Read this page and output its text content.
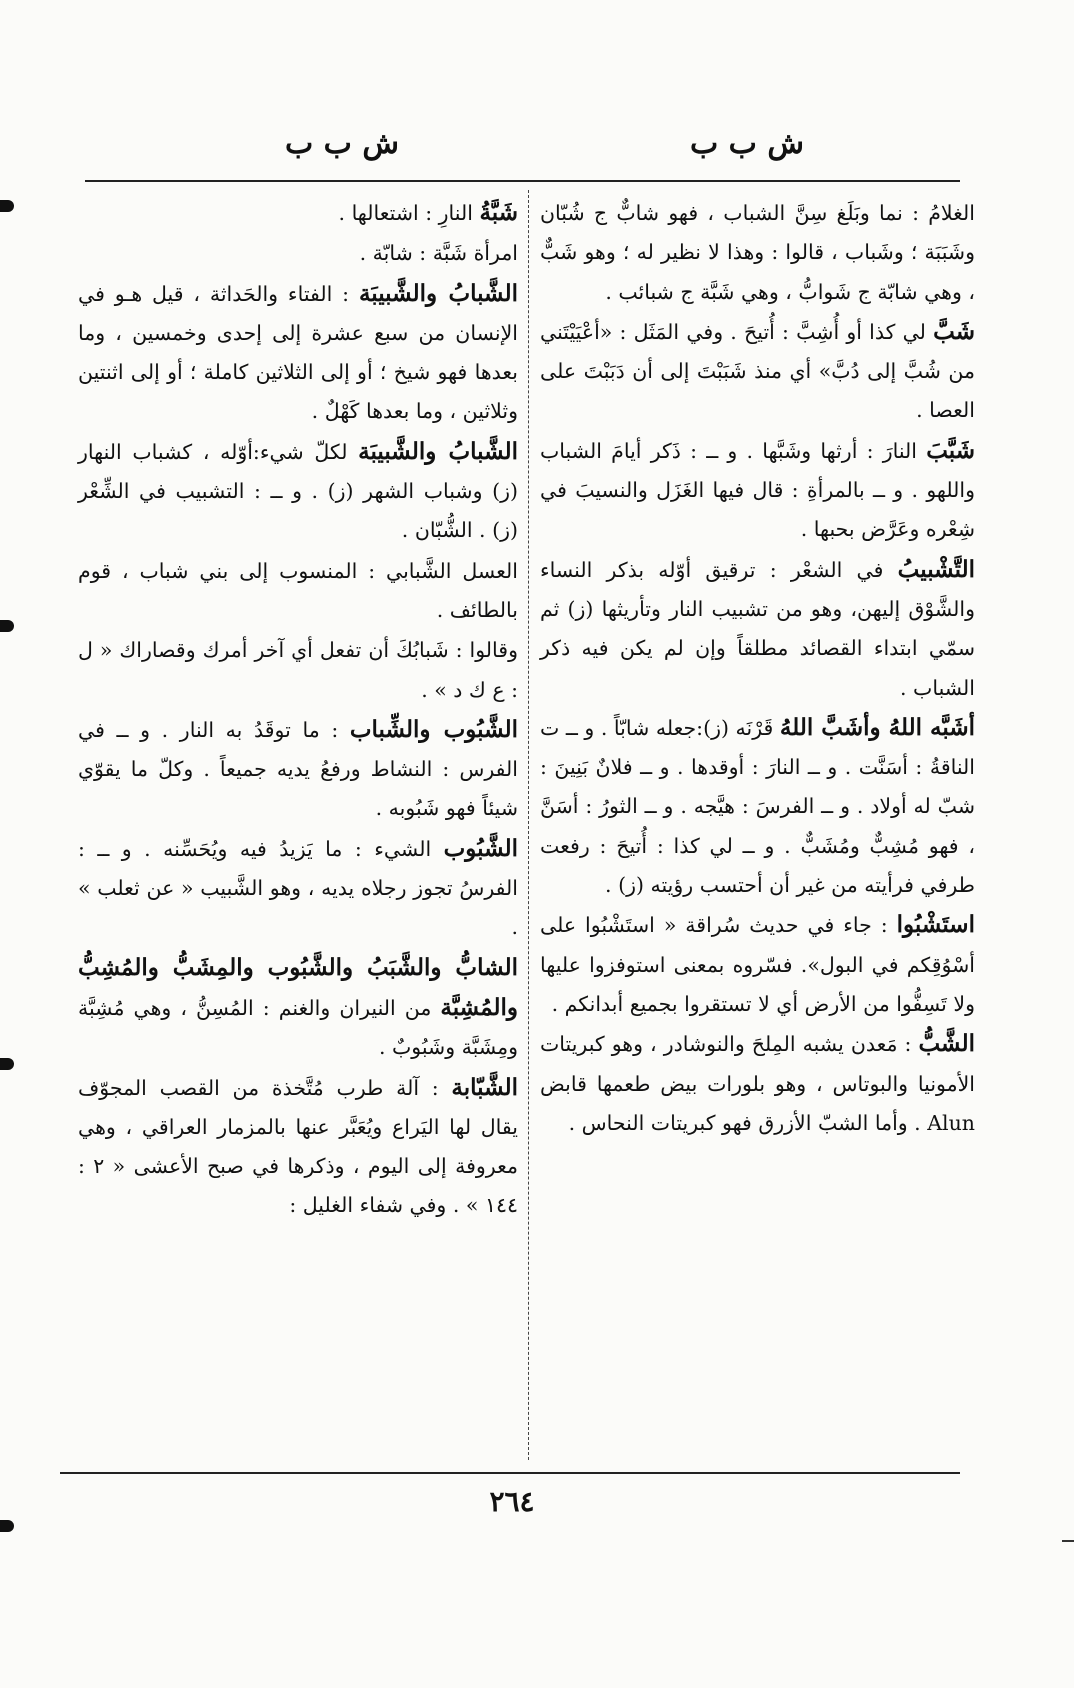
ش ب ب
ش ب ب

الغلامُ : نما وبَلَغ سِنَّ الشباب ، فهو شابٌّ ج شُبّان وشَبَبَة ؛ وشَباب ، قالوا : وهذا لا نظير له ؛ وهو شَبٌّ ، وهي شابّة ج شَوابُّ ، وهي شَبَّة ج شبائب .

شَبَّ لي كذا أو أُشِبَّ : أُتيحَ . وفي المَثَل : «أعْيَيْتَني من شُبَّ إلى دُبَّ» أي منذ شَبَبْتَ إلى أن دَبَبْتَ على العصا .

شَبَّبَ النارَ : أرثها وشَبَّها . و ــ : ذَكر أيامَ الشباب واللهو . و ــ بالمرأةِ : قال فيها الغَزَل والنسيبَ في شِعْره وعَرَّض بحبها .

التَّشْبيبُ في الشعْر : ترقيق أوّله بذكر النساء والشَّوْق إليهن، وهو من تشبيب النار وتأريثها (ز) ثم سمّي ابتداء القصائد مطلقاً وإن لم يكن فيه ذكر الشباب .

أشَبَّه اللهُ وأشَبَّ اللهُ قَرْنَه (ز):جعله شابّاً . و ــ ت الناقةُ : أسَنَّت . و ــ النارَ : أوقدها . و ــ فلانٌ بَنِينَ : شبّ له أولاد . و ــ الفرسَ : هيَّجه . و ــ الثورُ : أسَنَّ ، فهو مُشِبٌّ ومُشَبٌّ . و ــ لي كذا : أُتيحَ : رفعت طرفي فرأيته من غير أن أحتسب رؤيته (ز) .

استَشْبُوا : جاء في حديث سُراقة « استَشْبُوا على أسْوُقِكم في البول». فسّروه بمعنى استوفزوا عليها ولا تَسِفُّوا من الأرض أي لا تستقروا بجميع أبدانكم .

الشَّبُّ : مَعدن يشبه المِلحَ والنوشادر ، وهو كبريتات الأمونيا والبوتاس ، وهو بلورات بيض طعمها قابض Alun . وأما الشبّ الأزرق فهو كبريتات النحاس .

شَبَّةُ النارِ : اشتعالها .

امرأة شَبَّة : شابّة .

الشَّبابُ والشَّبيبَة : الفتاء والحَداثة ، قيل هـو في الإنسان من سبع عشرة إلى إحدى وخمسين ، وما بعدها فهو شيخ ؛ أو إلى الثلاثين كاملة ؛ أو إلى اثنتين وثلاثين ، وما بعدها كَهْلٌ .

الشَّبابُ والشَّبيبَة لكلّ شيء:أوّله ، كشباب النهار (ز) وشباب الشهر (ز) . و ــ : التشبيب في الشِّعْر (ز) . الشُّبّان .

العسل الشَّبابي : المنسوب إلى بني شباب ، قوم بالطائف .

وقالوا : شَبابُكَ أن تفعل أي آخر أمرك وقصاراك « ل : ع ك د » .

الشَّبُوب والشِّباب : ما توقَدُ به النار . و ــ في الفرس : النشاط ورفعُ يديه جميعاً . وكلّ ما يقوّي شيئاً فهو شَبُوبه .

الشَّبُوب الشيء : ما يَزيدُ فيه ويُحَسِّنه . و ــ : الفرسُ تجوز رجلاه يديه ، وهو الشَّبيب « عن ثعلب » .

الشابُّ والشَّبَبُ والشَّبُوب والمِشَبُّ والمُشِبُّ والمُشِبَّة من النيران والغنم : المُسِنُّ ، وهي مُشِبَّة ومِشَبَّة وشَبُوبٌ .

الشَّبّابة : آلة طرب مُتَّخذة من القصب المجوّف يقال لها اليَراع ويُعَبَّر عنها بالمزمار العراقي ، وهي معروفة إلى اليوم ، وذكرها في صبح الأعشى « ٢ : ١٤٤ » . وفي شفاء الغليل :

٢٦٤
